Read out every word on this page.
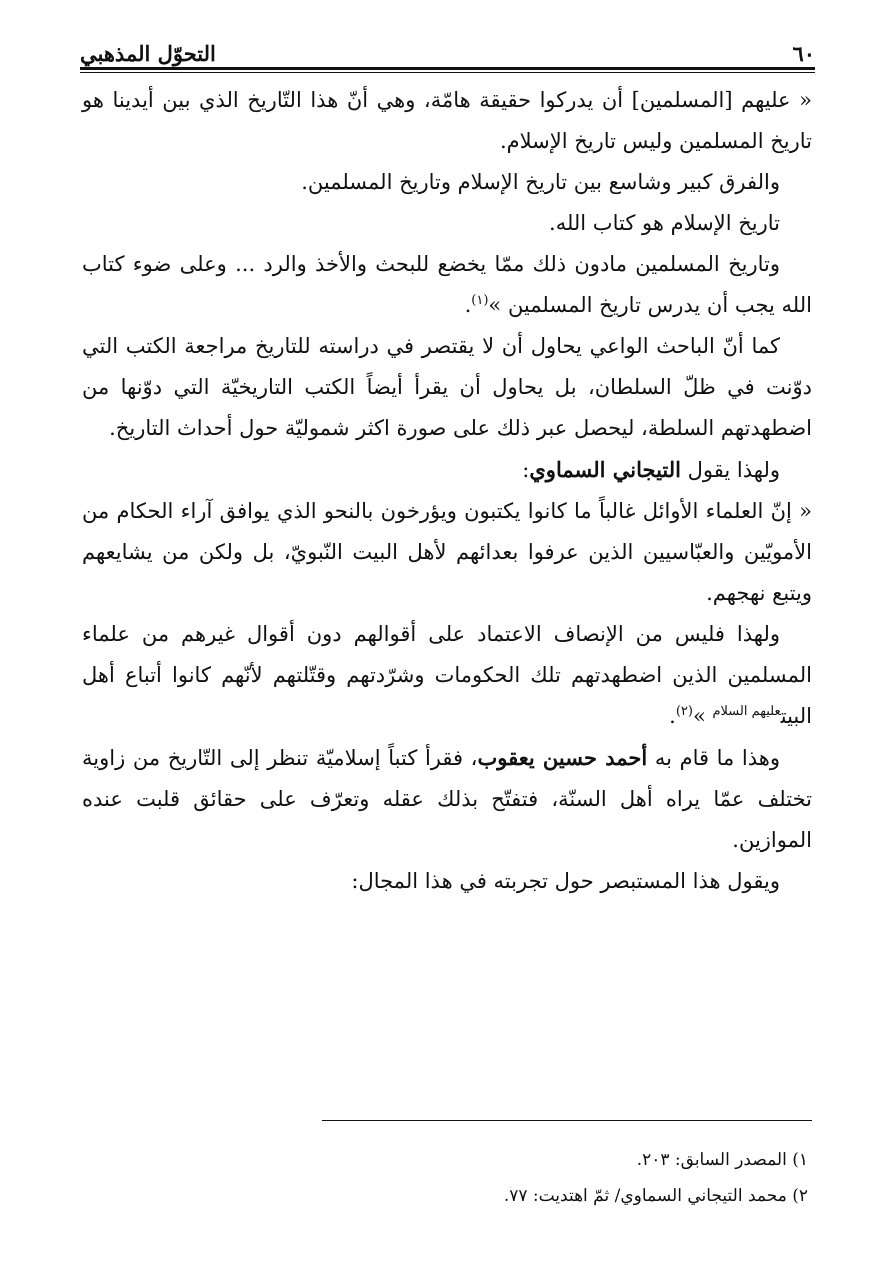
٦٠
التحوّل المذهبي

« عليهم [المسلمين] أن يدركوا حقيقة هامّة، وهي أنّ هذا التّاريخ الذي بين أيدينا هو تاريخ المسلمين وليس تاريخ الإسلام.

والفرق كبير وشاسع بين تاريخ الإسلام وتاريخ المسلمين.

تاريخ الإسلام هو كتاب الله.

وتاريخ المسلمين مادون ذلك ممّا يخضع للبحث والأخذ والرد ... وعلى ضوء كتاب الله يجب أن يدرس تاريخ المسلمين »$^{(١)}$.

كما أنّ الباحث الواعي يحاول أن لا يقتصر في دراسته للتاريخ مراجعة الكتب التي دوّنت في ظلّ السلطان، بل يحاول أن يقرأ أيضاً الكتب التاريخيّة التي دوّنها من اضطهدتهم السلطة، ليحصل عبر ذلك على صورة اكثر شموليّة حول أحداث التاريخ.

ولهذا يقول التيجاني السماوي:

« إنّ العلماء الأوائل غالباً ما كانوا يكتبون ويؤرخون بالنحو الذي يوافق آراء الحكام من الأمويّين والعبّاسيين الذين عرفوا بعدائهم لأهل البيت النّبويّ، بل ولكن من يشايعهم ويتبع نهجهم.

ولهذا فليس من الإنصاف الاعتماد على أقوالهم دون أقوال غيرهم من علماء المسلمين الذين اضطهدتهم تلك الحكومات وشرّدتهم وقتّلتهم لأنّهم كانوا أتباع أهل البيت$^{عليهم السلام}$ »$^{(٢)}$.

وهذا ما قام به أحمد حسين يعقوب، فقرأ كتباً إسلاميّة تنظر إلى التّاريخ من زاوية تختلف عمّا يراه أهل السنّة، فتفتّح بذلك عقله وتعرّف على حقائق قلبت عنده الموازين.

ويقول هذا المستبصر حول تجربته في هذا المجال:

١) المصدر السابق: ٢٠٣.

٢) محمد التيجاني السماوي/ ثمّ اهتديت: ٧٧.
